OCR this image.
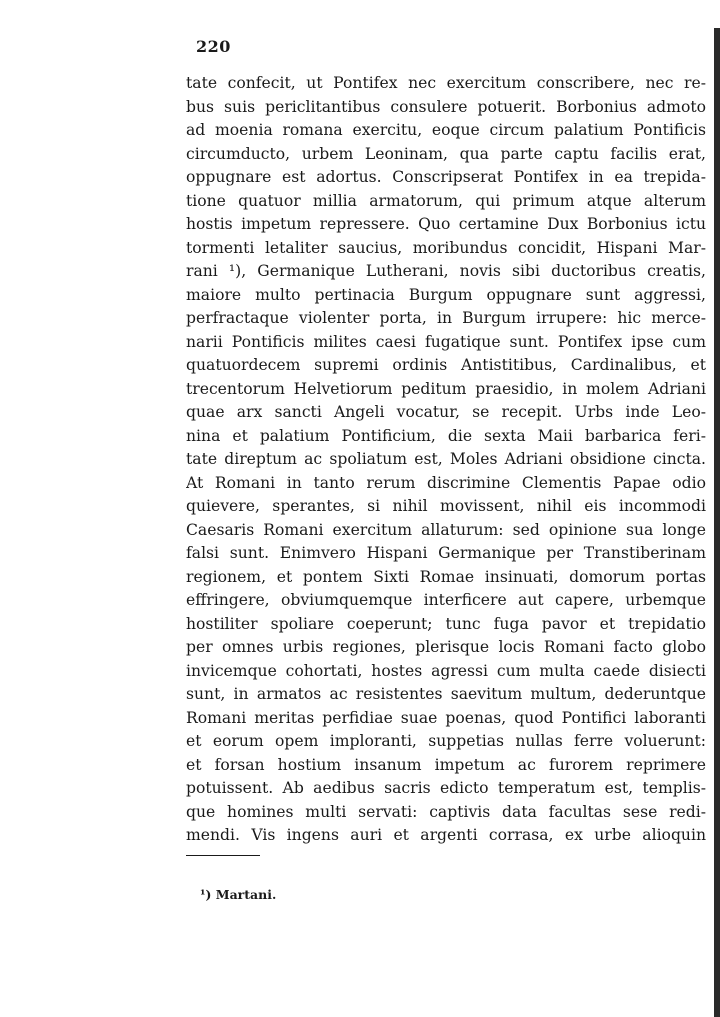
220
tate confecit, ut Pontifex nec exercitum conscribere, nec re-
bus suis periclitantibus consulere potuerit. Borbonius admoto
ad moenia romana exercitu, eoque circum palatium Pontificis
circumducto, urbem Leoninam, qua parte captu facilis erat,
oppugnare est adortus. Conscripserat Pontifex in ea trepida-
tione quatuor millia armatorum, qui primum atque alterum
hostis impetum repressere. Quo certamine Dux Borbonius ictu
tormenti letaliter saucius, moribundus concidit, Hispani Mar-
rani ¹), Germanique Lutherani, novis sibi ductoribus creatis,
maiore multo pertinacia Burgum oppugnare sunt aggressi,
perfractaque violenter porta, in Burgum irrupere: hic merce-
narii Pontificis milites caesi fugatique sunt. Pontifex ipse cum
quatuordecem supremi ordinis Antistitibus, Cardinalibus, et
trecentorum Helvetiorum peditum praesidio, in molem Adriani
quae arx sancti Angeli vocatur, se recepit. Urbs inde Leo-
nina et palatium Pontificium, die sexta Maii barbarica feri-
tate direptum ac spoliatum est, Moles Adriani obsidione cincta.
At Romani in tanto rerum discrimine Clementis Papae odio
quievere, sperantes, si nihil movissent, nihil eis incommodi
Caesaris Romani exercitum allaturum: sed opinione sua longe
falsi sunt. Enimvero Hispani Germanique per Transtiberinam
regionem, et pontem Sixti Romae insinuati, domorum portas
effringere, obviumquemque interficere aut capere, urbemque
hostiliter spoliare coeperunt; tunc fuga pavor et trepidatio
per omnes urbis regiones, plerisque locis Romani facto globo
invicemque cohortati, hostes agressi cum multa caede disiecti
sunt, in armatos ac resistentes saevitum multum, dederuntque
Romani meritas perfidiae suae poenas, quod Pontifici laboranti
et eorum opem imploranti, suppetias nullas ferre voluerunt:
et forsan hostium insanum impetum ac furorem reprimere
potuissent. Ab aedibus sacris edicto temperatum est, templis-
que homines multi servati: captivis data facultas sese redi-
mendi. Vis ingens auri et argenti corrasa, ex urbe alioquin
¹) Martani.
